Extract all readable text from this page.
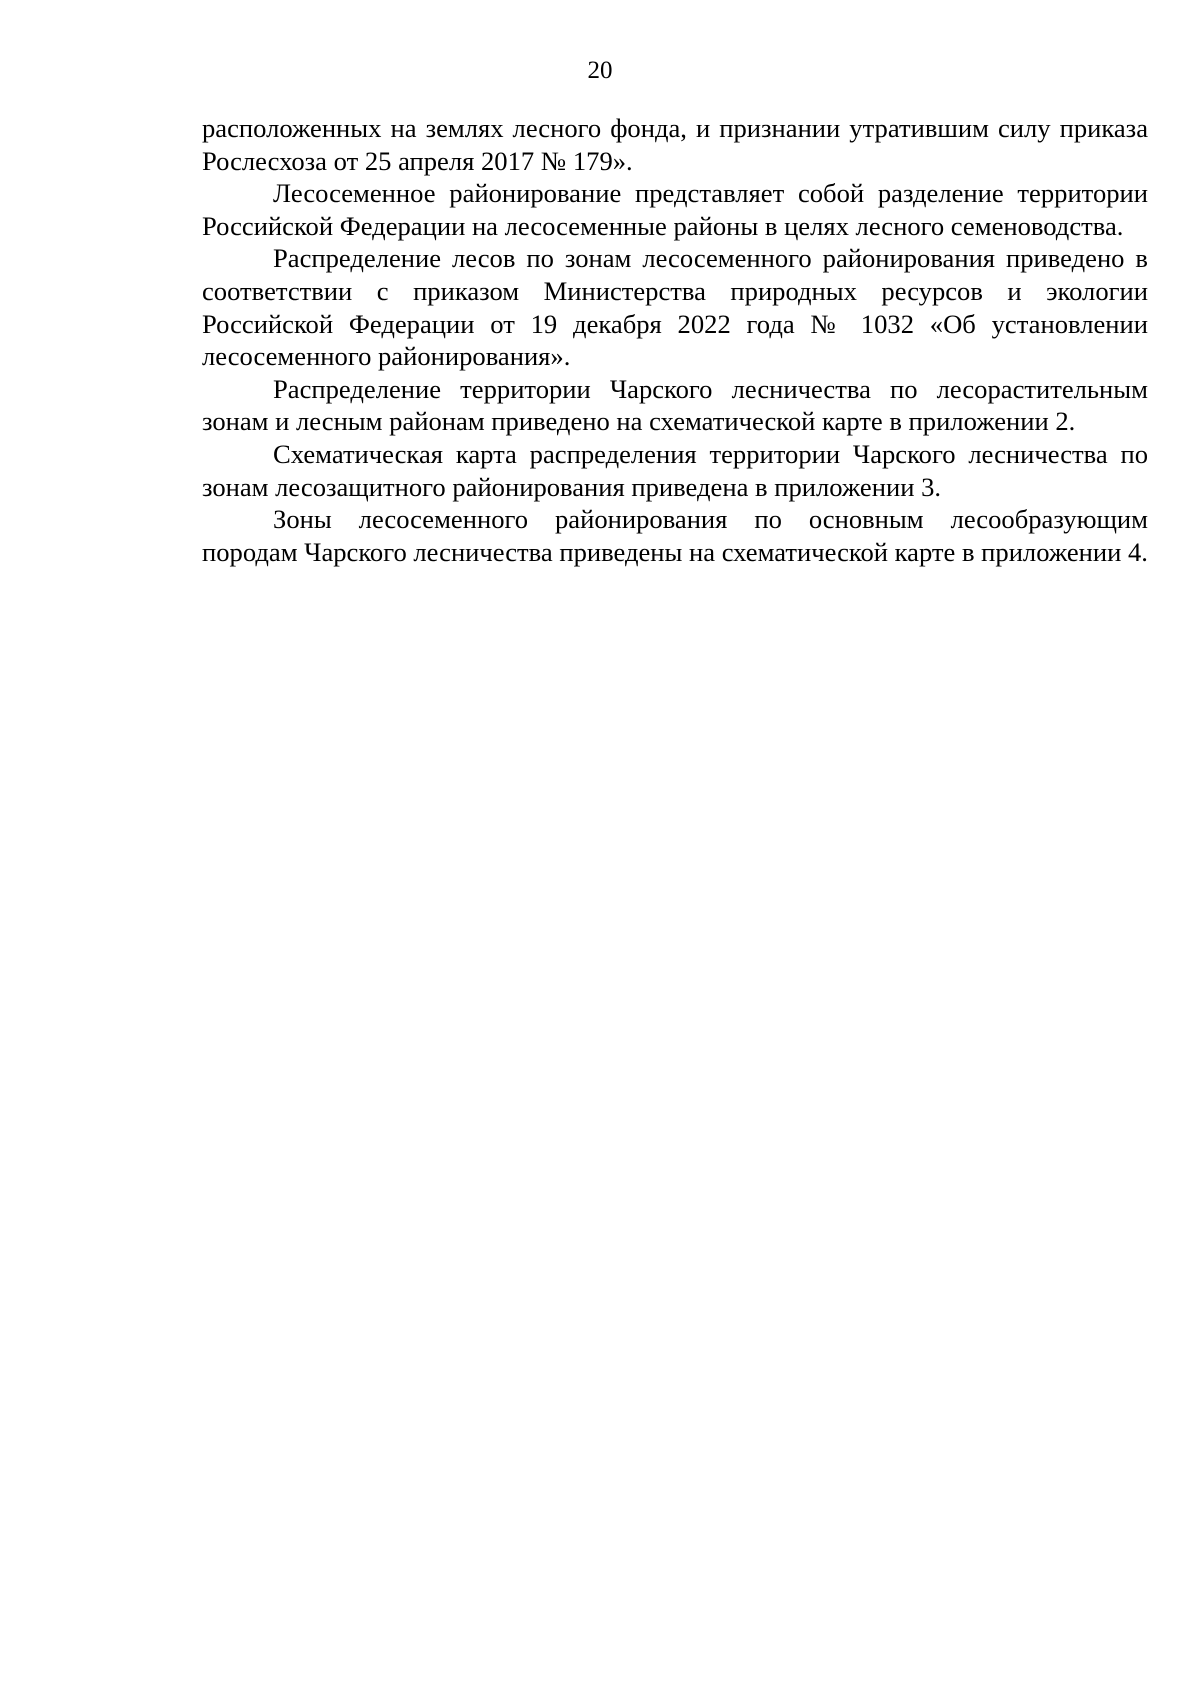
20

расположенных на землях лесного фонда, и признании утратившим силу приказа Рослесхоза от 25 апреля 2017 № 179».

Лесосеменное районирование представляет собой разделение территории Российской Федерации на лесосеменные районы в целях лесного семеноводства.

Распределение лесов по зонам лесосеменного районирования приведено в соответствии с приказом Министерства природных ресурсов и экологии Российской Федерации от 19 декабря 2022 года № 1032 «Об установлении лесосеменного районирования».

Распределение территории Чарского лесничества по лесорастительным зонам и лесным районам приведено на схематической карте в приложении 2.

Схематическая карта распределения территории Чарского лесничества по зонам лесозащитного районирования приведена в приложении 3.

Зоны лесосеменного районирования по основным лесообразующим породам Чарского лесничества приведены на схематической карте в приложении 4.
